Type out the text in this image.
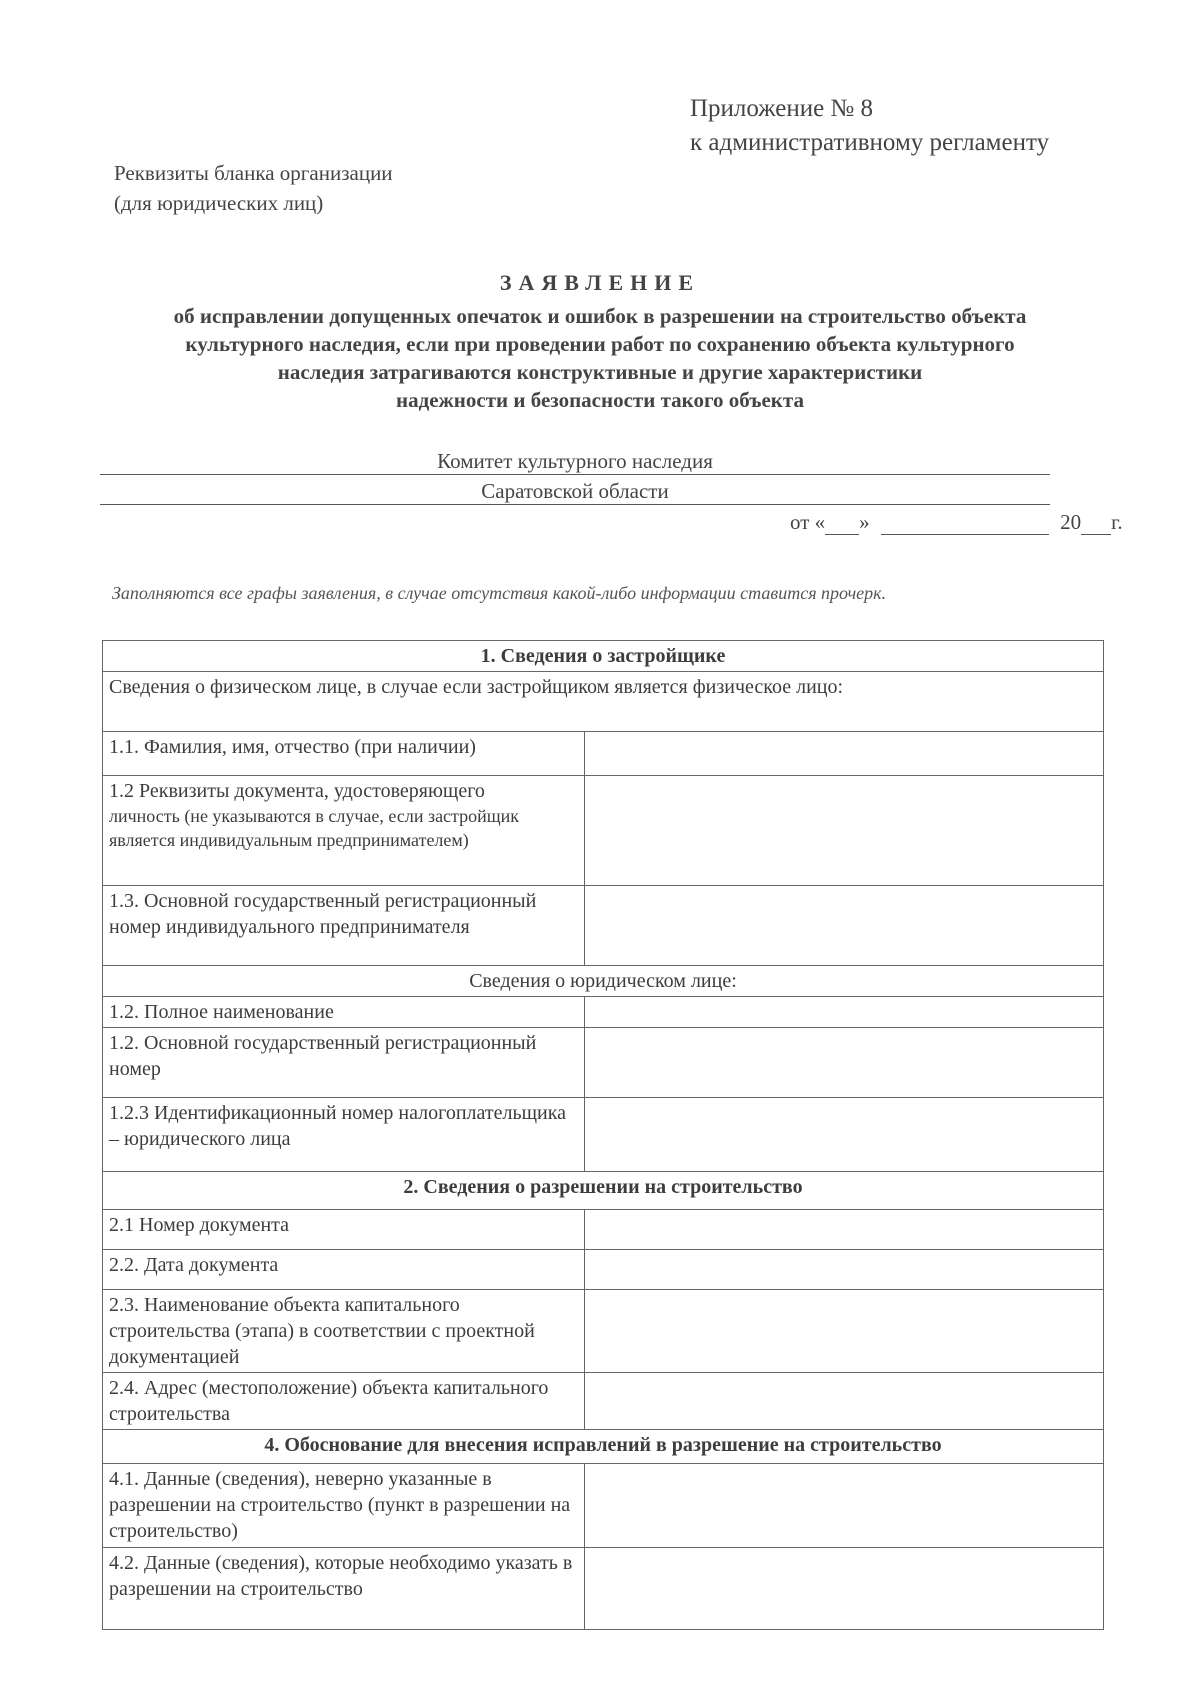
Приложение № 8
к административному регламенту
Реквизиты бланка организации
(для юридических лиц)
ЗАЯВЛЕНИЕ
об исправлении допущенных опечаток и ошибок в разрешении на строительство объекта
культурного наследия, если при проведении работ по сохранению объекта культурного
наследия затрагиваются конструктивные и другие характеристики
надежности и безопасности такого объекта
Комитет культурного наследия
Саратовской области
от « »	20 г.
Заполняются все графы заявления, в случае отсутствия какой-либо информации ставится прочерк.
1. Сведения о застройщике	
Сведения о физическом лице, в случае если застройщиком является физическое лицо:	
1.1. Фамилия, имя, отчество (при наличии)	

1.2 Реквизиты документа, удостоверяющего
личность (не указываются в случае, если застройщик является индивидуальным предпринимателем)	

1.3. Основной государственный регистрационный номер индивидуального предпринимателя	
Сведения о юридическом лице:	
1.2. Полное наименование	
1.2. Основной государственный регистрационный номер	
1.2.3 Идентификационный номер налогоплательщика – юридического лица	
2. Сведения о разрешении на строительство	
2.1 Номер документа	
2.2. Дата документа	
2.3. Наименование объекта капитального строительства (этапа) в соответствии с проектной документацией	
2.4. Адрес (местоположение) объекта капитального строительства	
4. Обоснование для внесения исправлений в разрешение на строительство	
4.1. Данные (сведения), неверно указанные в разрешении на строительство (пункт в разрешении на строительство)	
4.2. Данные (сведения), которые необходимо указать в разрешении на строительство	
